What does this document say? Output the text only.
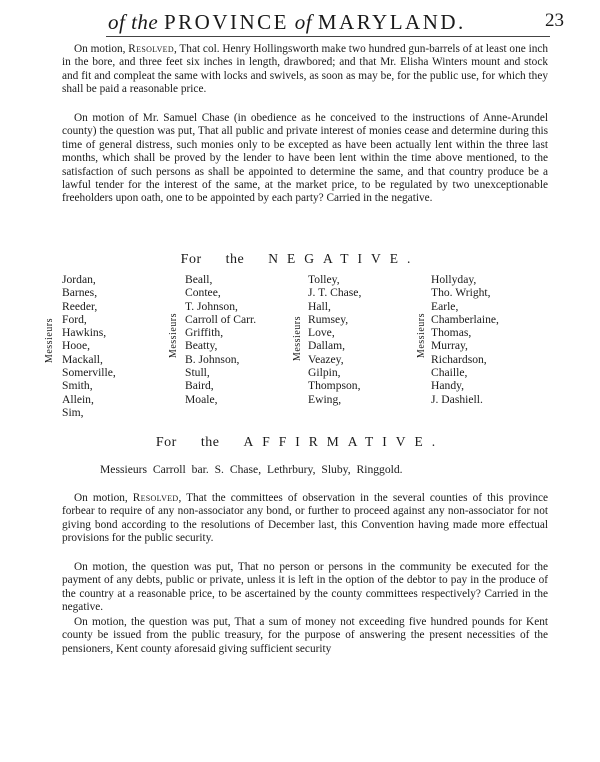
of the PROVINCE of MARYLAND.	23

On motion, Resolved, That col. Henry Hollingsworth make two hundred gun-barrels of at least one inch in the bore, and three feet six inches in length, drawbored; and that Mr. Elisha Winters mount and stock and fit and compleat the same with locks and swivels, as soon as may be, for the public use, for which they shall be paid a reasonable price.

On motion of Mr. Samuel Chase (in obedience as he conceived to the instructions of Anne-Arundel county) the question was put, That all public and private interest of monies cease and determine during this time of general distress, such monies only to be excepted as have been actually lent within the three last months, which shall be proved by the lender to have been lent within the time above mentioned, to the satisfaction of such persons as shall be appointed to determine the same, and that country produce be a lawful tender for the interest of the same, at the market price, to be regulated by two unexceptionable freeholders upon oath, one to be appointed by each party? Carried in the negative.

For the NEGATIVE.
Messieurs
Jordan,
Barnes,
Reeder,
Ford,
Hawkins,
Hooe,
Mackall,
Somerville,
Smith,
Allein,
Sim,
Messieurs
Beall,
Contee,
T. Johnson,
Carroll of Carr.
Griffith,
Beatty,
B. Johnson,
Stull,
Baird,
Moale,
Messieurs
Tolley,
J. T. Chase,
Hall,
Rumsey,
Love,
Dallam,
Veazey,
Gilpin,
Thompson,
Ewing,
Messieurs
Hollyday,
Tho. Wright,
Earle,
Chamberlaine,
Thomas,
Murray,
Richardson,
Chaille,
Handy,
J. Dashiell.
For the AFFIRMATIVE.
Messieurs Carroll bar. S. Chase, Lethrbury, Sluby, Ringgold.

On motion, Resolved, That the committees of observation in the several counties of this province forbear to require of any non-associator any bond, or further to proceed against any non-associator for not giving bond according to the resolutions of December last, this Convention having made more effectual provisions for the public security.

On motion, the question was put, That no person or persons in the community be executed for the payment of any debts, public or private, unless it is left in the option of the debtor to pay in the produce of the country at a reasonable price, to be ascertained by the county committees respectively? Carried in the negative.

On motion, the question was put, That a sum of money not exceeding five hundred pounds for Kent county be issued from the public treasury, for the purpose of answering the present necessities of the pensioners, Kent county aforesaid giving sufficient security
